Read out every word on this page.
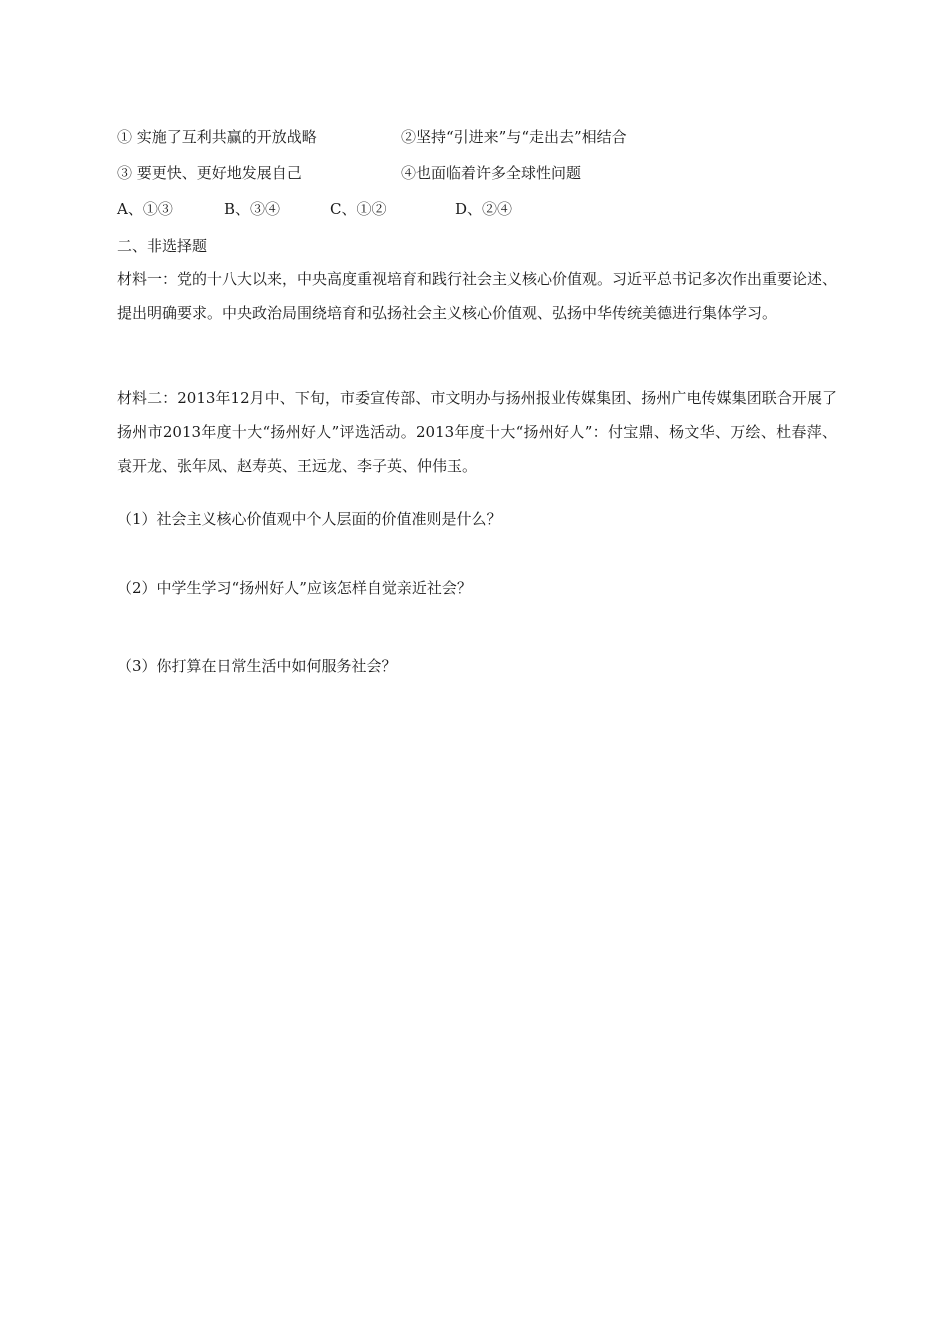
① 实施了互利共赢的开放战略	②坚持“引进来”与“走出去”相结合
③ 要更快、更好地发展自己	④也面临着许多全球性问题
A、①③	B、③④	C、①②	D、②④
二、非选择题

材料一：党的十八大以来，中央高度重视培育和践行社会主义核心价值观。习近平总书记多次作出重要论述、提出明确要求。中央政治局围绕培育和弘扬社会主义核心价值观、弘扬中华传统美德进行集体学习。

材料二：2013年12月中、下旬，市委宣传部、市文明办与扬州报业传媒集团、扬州广电传媒集团联合开展了扬州市2013年度十大“扬州好人”评选活动。2013年度十大“扬州好人”：付宝鼎、杨文华、万绘、杜春萍、袁开龙、张年凤、赵寿英、王远龙、李子英、仲伟玉。

（1）社会主义核心价值观中个人层面的价值准则是什么？
（2）中学生学习“扬州好人”应该怎样自觉亲近社会？
（3）你打算在日常生活中如何服务社会？
